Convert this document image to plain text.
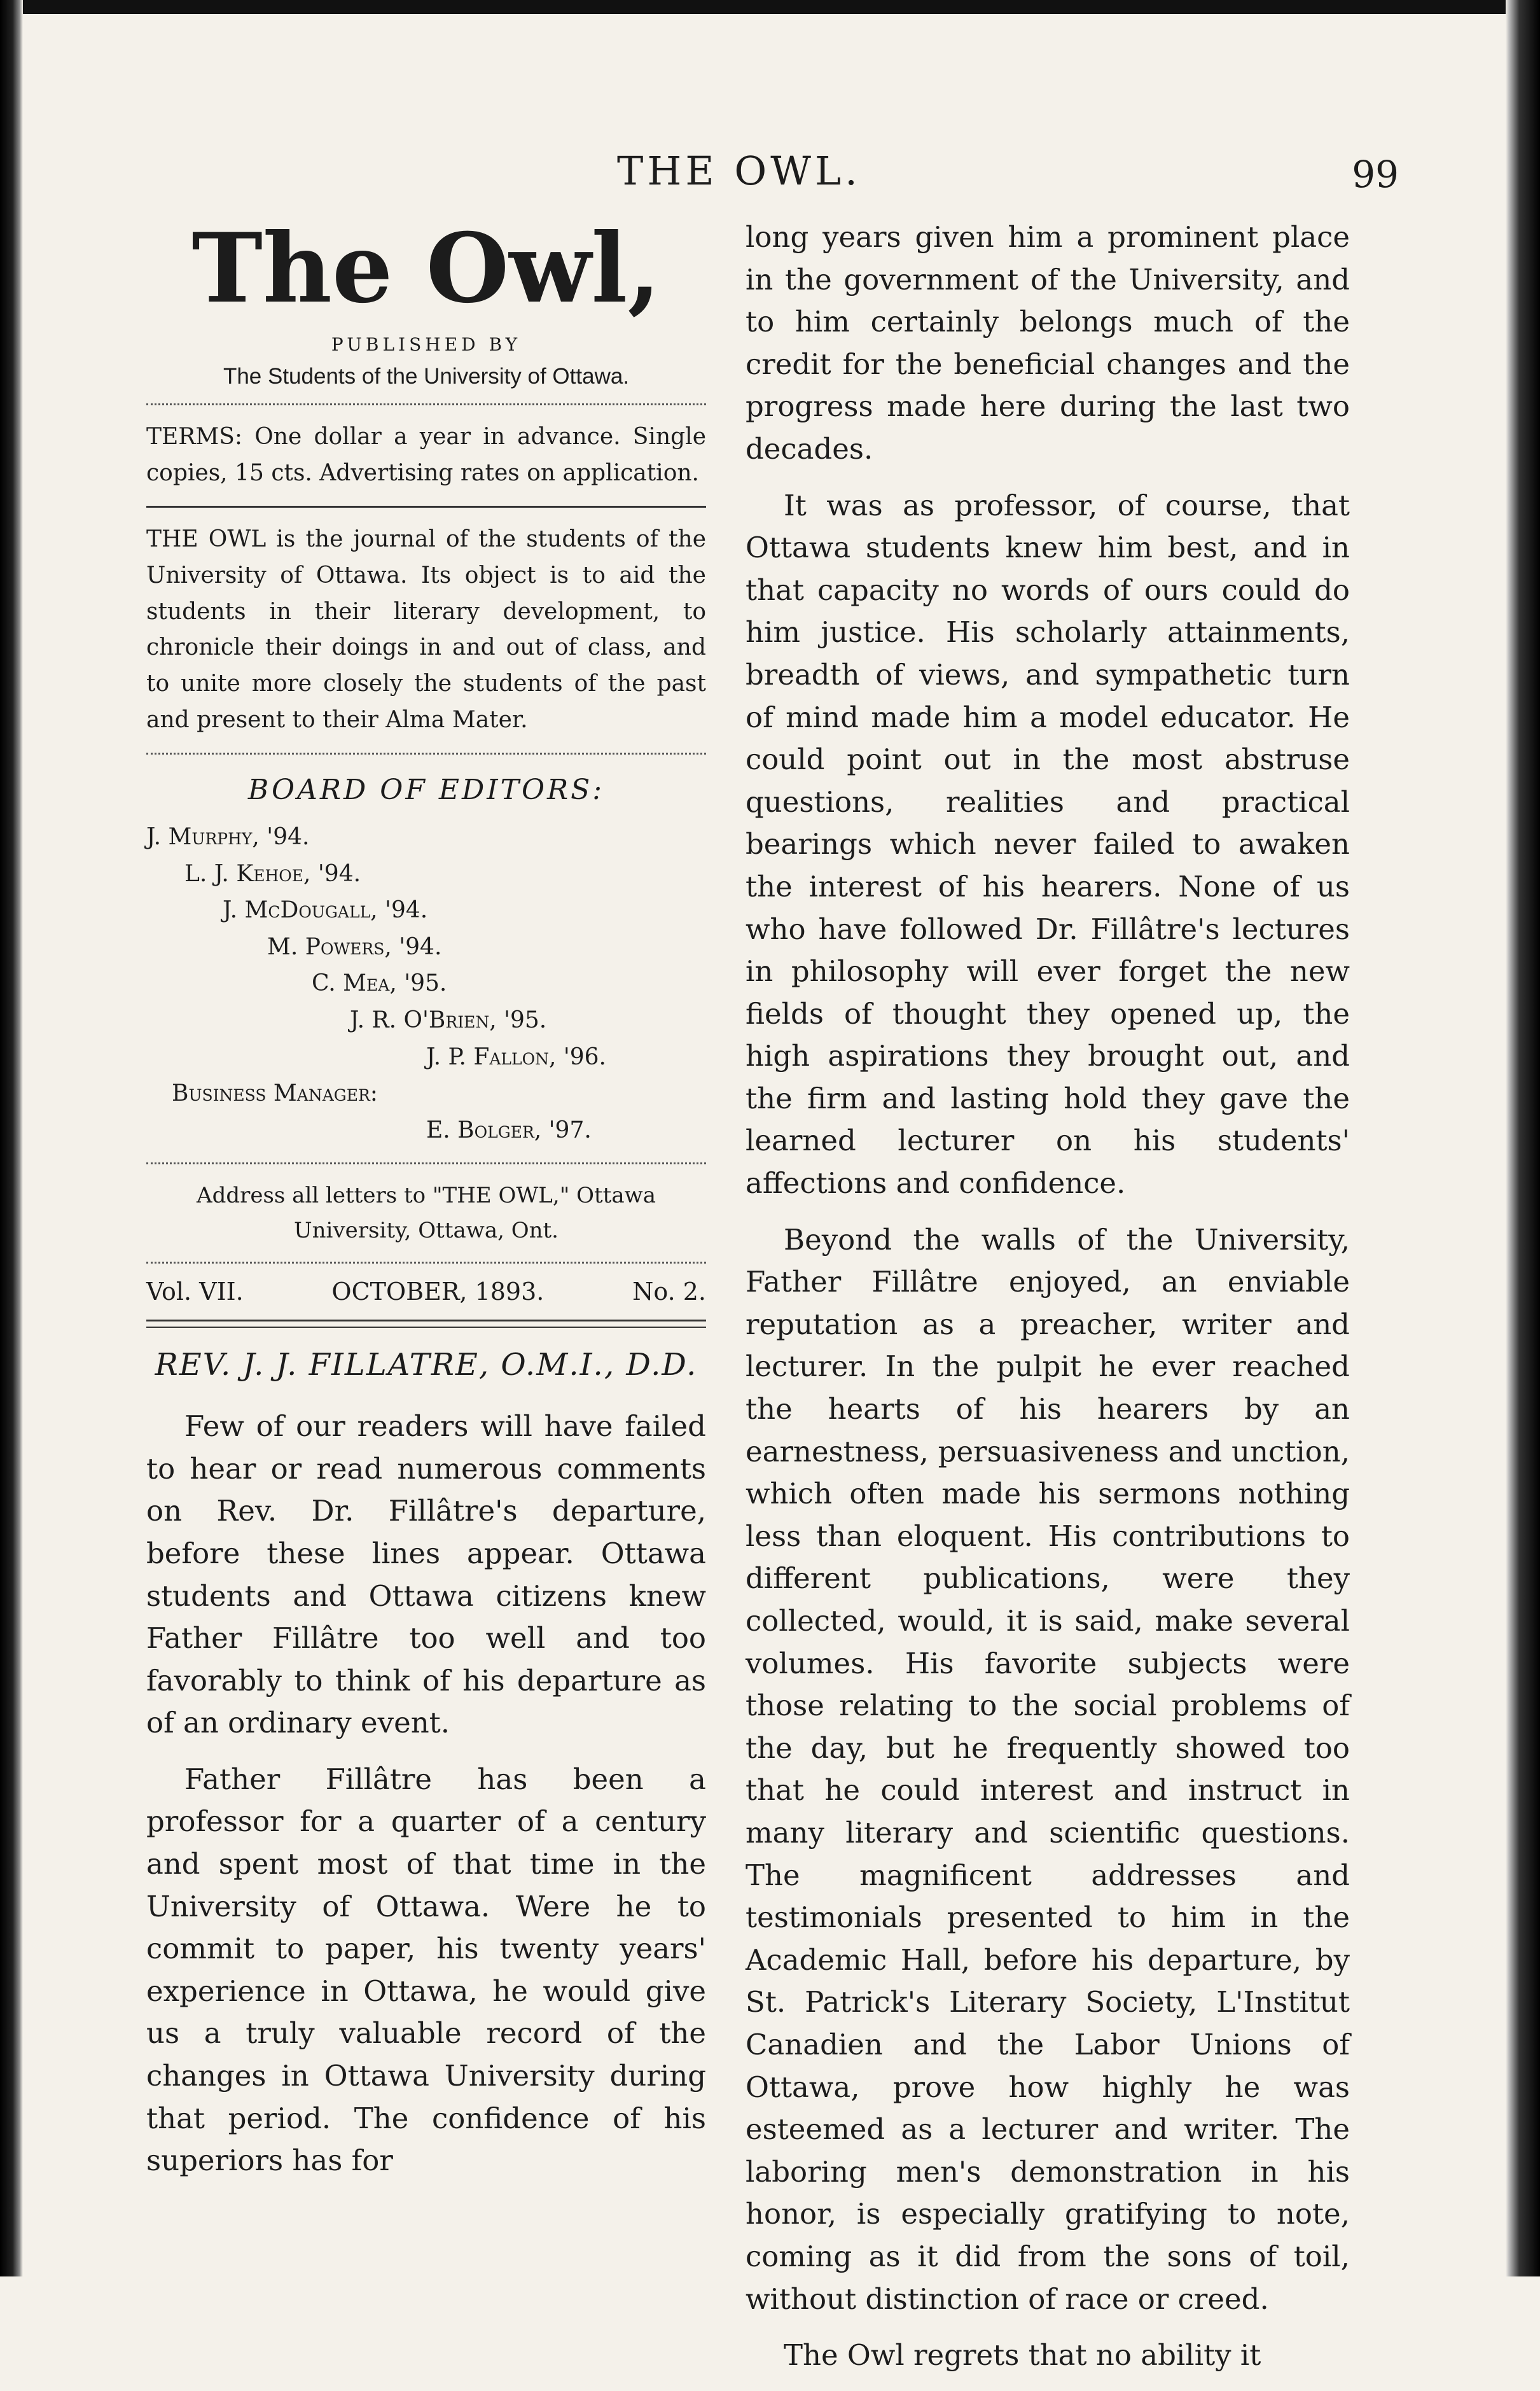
THE OWL.	99
The Owl,
PUBLISHED BY
The Students of the University of Ottawa.
TERMS: One dollar a year in advance. Single copies, 15 cts. Advertising rates on application.
THE OWL is the journal of the students of the University of Ottawa. Its object is to aid the students in their literary development, to chronicle their doings in and out of class, and to unite more closely the students of the past and present to their Alma Mater.
BOARD OF EDITORS:
J. Murphy, '94.
L. J. Kehoe, '94.
J. McDougall, '94.
M. Powers, '94.
C. Mea, '95.
J. R. O'Brien, '95.
J. P. Fallon, '96.
Business Manager:
E. Bolger, '97.
Address all letters to "THE OWL," Ottawa
University, Ottawa, Ont.
Vol. VII.	OCTOBER, 1893.	No. 2.
REV. J. J. FILLATRE, O.M.I., D.D.

Few of our readers will have failed to hear or read numerous comments on Rev. Dr. Fillâtre's departure, before these lines appear. Ottawa students and Ottawa citizens knew Father Fillâtre too well and too favorably to think of his departure as of an ordinary event.

Father Fillâtre has been a professor for a quarter of a century and spent most of that time in the University of Ottawa. Were he to commit to paper, his twenty years' experience in Ottawa, he would give us a truly valuable record of the changes in Ottawa University during that period. The confidence of his superiors has for

long years given him a prominent place in the government of the University, and to him certainly belongs much of the credit for the beneficial changes and the progress made here during the last two decades.

It was as professor, of course, that Ottawa students knew him best, and in that capacity no words of ours could do him justice. His scholarly attainments, breadth of views, and sympathetic turn of mind made him a model educator. He could point out in the most abstruse questions, realities and practical bearings which never failed to awaken the interest of his hearers. None of us who have followed Dr. Fillâtre's lectures in philosophy will ever forget the new fields of thought they opened up, the high aspirations they brought out, and the firm and lasting hold they gave the learned lecturer on his students' affections and confidence.

Beyond the walls of the University, Father Fillâtre enjoyed, an enviable reputation as a preacher, writer and lecturer. In the pulpit he ever reached the hearts of his hearers by an earnestness, persuasiveness and unction, which often made his sermons nothing less than eloquent. His contributions to different publications, were they collected, would, it is said, make several volumes. His favorite subjects were those relating to the social problems of the day, but he frequently showed too that he could interest and instruct in many literary and scientific questions. The magnificent addresses and testimonials presented to him in the Academic Hall, before his departure, by St. Patrick's Literary Society, L'Institut Canadien and the Labor Unions of Ottawa, prove how highly he was esteemed as a lecturer and writer. The laboring men's demonstration in his honor, is especially gratifying to note, coming as it did from the sons of toil, without distinction of race or creed.

The Owl regrets that no ability it
